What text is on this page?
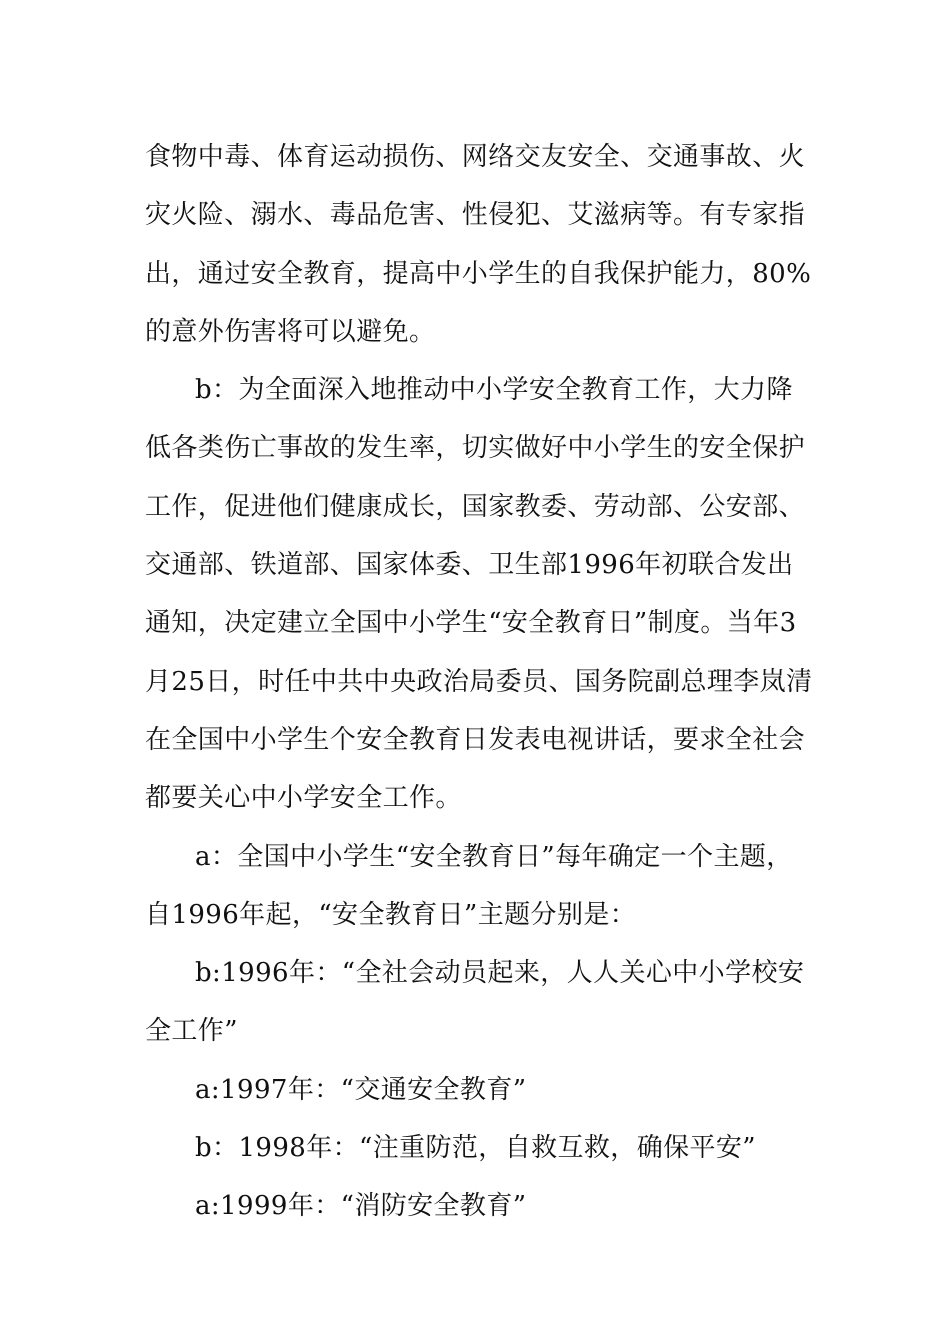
食物中毒、体育运动损伤、网络交友安全、交通事故、火灾火险、溺水、毒品危害、性侵犯、艾滋病等。有专家指出，通过安全教育，提高中小学生的自我保护能力，80%的意外伤害将可以避免。

b：为全面深入地推动中小学安全教育工作，大力降低各类伤亡事故的发生率，切实做好中小学生的安全保护工作，促进他们健康成长，国家教委、劳动部、公安部、交通部、铁道部、国家体委、卫生部1996年初联合发出通知，决定建立全国中小学生“安全教育日”制度。当年3月25日，时任中共中央政治局委员、国务院副总理李岚清在全国中小学生个安全教育日发表电视讲话，要求全社会都要关心中小学安全工作。

a：全国中小学生“安全教育日”每年确定一个主题，自1996年起，“安全教育日”主题分别是：

b:1996年：“全社会动员起来，人人关心中小学校安全工作”

a:1997年：“交通安全教育”

b：1998年：“注重防范，自救互救，确保平安”

a:1999年：“消防安全教育”
